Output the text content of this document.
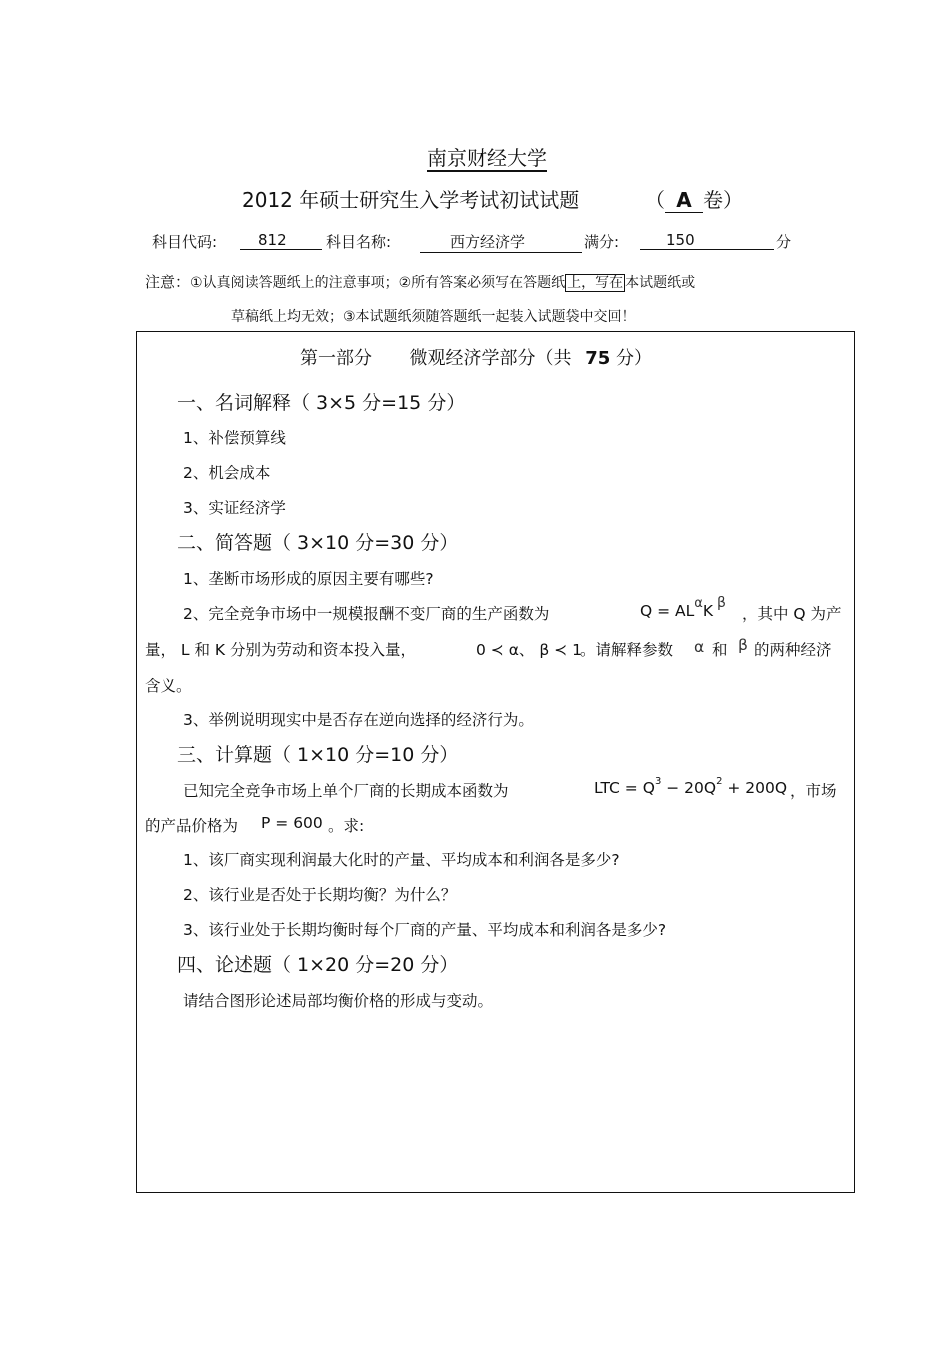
南京财经大学
2012 年硕士研究生入学考试初试试题	（ A 卷）
科目代码:	812	科目名称:	西方经济学	满分:	150	分
注意：①认真阅读答题纸上的注意事项；②所有答案必须写在答题纸 上，写在 本试题纸或
草稿纸上均无效；③本试题纸须随答题纸一起装入试题袋中交回！
第一部分 微观经济学部分（共 75 分）
一、名词解释（ 3×5 分=15 分）
1、补偿预算线
2、机会成本
3、实证经济学
二、简答题（ 3×10 分=30 分）
1、垄断市场形成的原因主要有哪些?
2、完全竞争市场中一规模报酬不变厂商的生产函数为	$Q = AL^\alpha K$ β
，其中 Q 为产
量， L 和 K 分别为劳动和资本投入量，	0 ≺ α、 β ≺ 1
。请解释参数 α 和 β 的两种经济
含义。
3、举例说明现实中是否存在逆向选择的经济行为。
三、计算题（ 1×10 分=10 分）
已知完全竞争市场上单个厂商的长期成本函数为	LTC = $Q^3 - 20Q^2 + 200Q$ ，市场
的产品价格为 P = 600 。求:
1、该厂商实现利润最大化时的产量、平均成本和利润各是多少?
2、该行业是否处于长期均衡？为什么？
3、该行业处于长期均衡时每个厂商的产量、平均成本和利润各是多少?
四、论述题（ 1×20 分=20 分）
请结合图形论述局部均衡价格的形成与变动。
